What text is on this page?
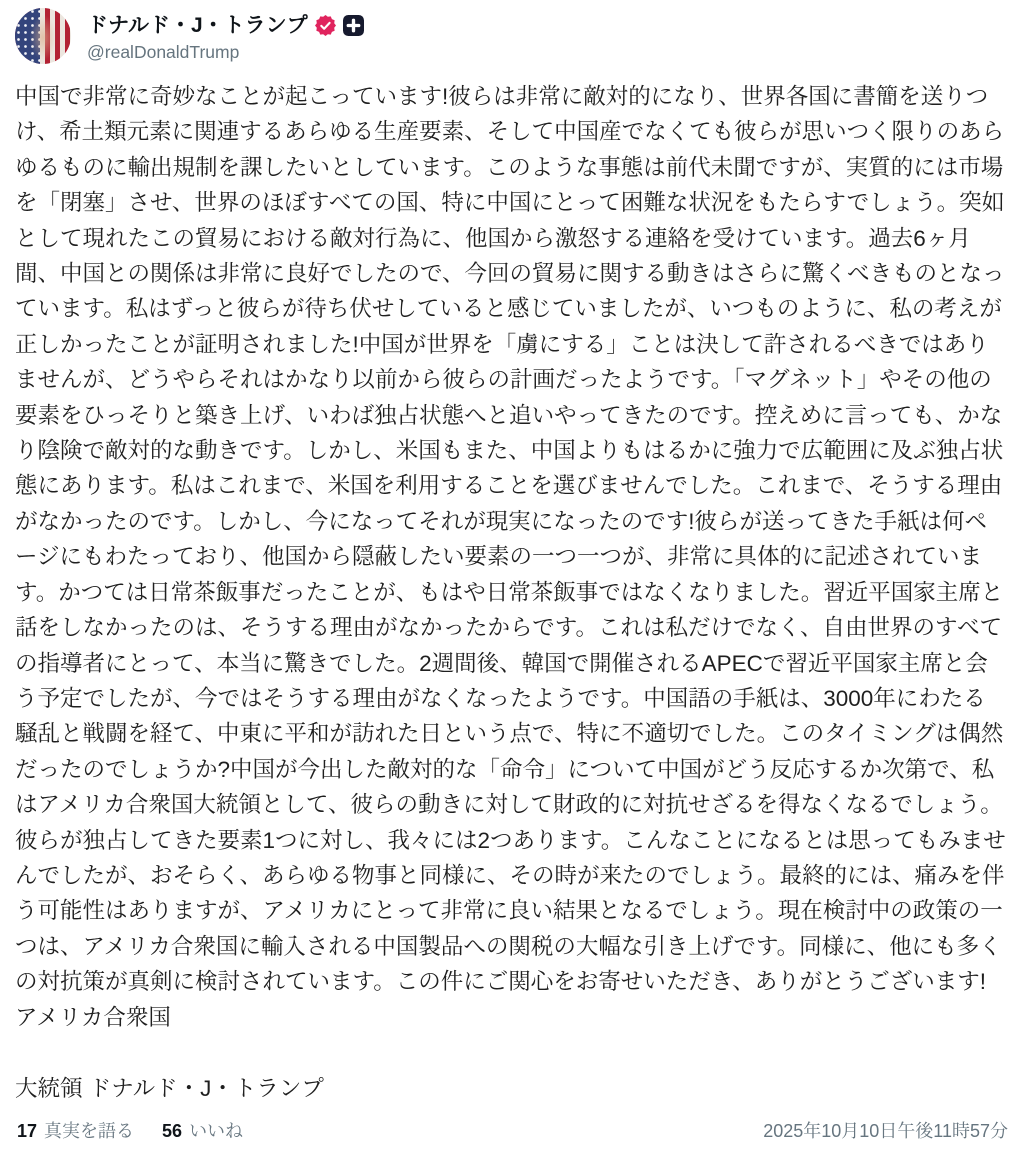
ドナルド・J・トランプ
@realDonaldTrump
中国で非常に奇妙なことが起こっています!彼らは非常に敵対的になり、世界各国に書簡を送りつけ、希土類元素に関連するあらゆる生産要素、そして中国産でなくても彼らが思いつく限りのあらゆるものに輸出規制を課したいとしています。このような事態は前代未聞ですが、実質的には市場を「閉塞」させ、世界のほぼすべての国、特に中国にとって困難な状況をもたらすでしょう。突如として現れたこの貿易における敵対行為に、他国から激怒する連絡を受けています。過去6ヶ月間、中国との関係は非常に良好でしたので、今回の貿易に関する動きはさらに驚くべきものとなっています。私はずっと彼らが待ち伏せしていると感じていましたが、いつものように、私の考えが正しかったことが証明されました!中国が世界を「虜にする」ことは決して許されるべきではありませんが、どうやらそれはかなり以前から彼らの計画だったようです。「マグネット」やその他の要素をひっそりと築き上げ、いわば独占状態へと追いやってきたのです。控えめに言っても、かなり陰険で敵対的な動きです。しかし、米国もまた、中国よりもはるかに強力で広範囲に及ぶ独占状態にあります。私はこれまで、米国を利用することを選びませんでした。これまで、そうする理由がなかったのです。しかし、今になってそれが現実になったのです!彼らが送ってきた手紙は何ページにもわたっており、他国から隠蔽したい要素の一つ一つが、非常に具体的に記述されています。かつては日常茶飯事だったことが、もはや日常茶飯事ではなくなりました。習近平国家主席と話をしなかったのは、そうする理由がなかったからです。これは私だけでなく、自由世界のすべての指導者にとって、本当に驚きでした。2週間後、韓国で開催されるAPECで習近平国家主席と会う予定でしたが、今ではそうする理由がなくなったようです。中国語の手紙は、3000年にわたる騒乱と戦闘を経て、中東に平和が訪れた日という点で、特に不適切でした。このタイミングは偶然だったのでしょうか?中国が今出した敵対的な「命令」について中国がどう反応するか次第で、私はアメリカ合衆国大統領として、彼らの動きに対して財政的に対抗せざるを得なくなるでしょう。彼らが独占してきた要素1つに対し、我々には2つあります。こんなことになるとは思ってもみませんでしたが、おそらく、あらゆる物事と同様に、その時が来たのでしょう。最終的には、痛みを伴う可能性はありますが、アメリカにとって非常に良い結果となるでしょう。現在検討中の政策の一つは、アメリカ合衆国に輸入される中国製品への関税の大幅な引き上げです。同様に、他にも多くの対抗策が真剣に検討されています。この件にご関心をお寄せいただき、ありがとうございます! アメリカ合衆国
大統領 ドナルド・J・トランプ
17 真実を語る 56 いいね	2025年10月10日午後11時57分
